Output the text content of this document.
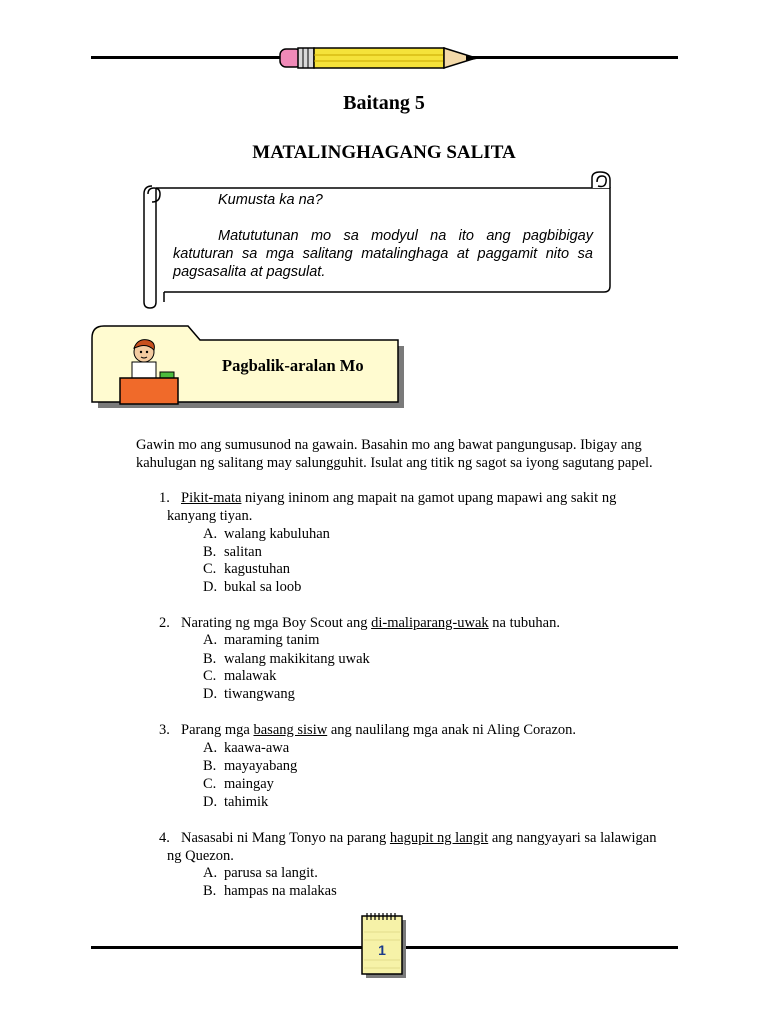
Baitang 5
MATALINGHAGANG SALITA
Kumusta ka na?
Matututunan mo sa modyul na ito ang pagbibigay
katuturan sa mga salitang matalinghaga at paggamit nito sa
pagsasalita at pagsulat.
Pagbalik-aralan Mo
Gawin mo ang sumusunod na gawain. Basahin mo ang bawat pangungusap. Ibigay ang
kahulugan ng salitang may salungguhit. Isulat ang titik ng sagot sa iyong sagutang papel.
1. Pikit-mata niyang ininom ang mapait na gamot upang mapawi ang sakit ng
kanyang tiyan.
A. walang kabuluhan
B. salitan
C. kagustuhan
D. bukal sa loob
2. Narating ng mga Boy Scout ang di-maliparang-uwak na tubuhan.
A. maraming tanim
B. walang makikitang uwak
C. malawak
D. tiwangwang
3. Parang mga basang sisiw ang naulilang mga anak ni Aling Corazon.
A. kaawa-awa
B. mayayabang
C. maingay
D. tahimik
4. Nasasabi ni Mang Tonyo na parang hagupit ng langit ang nangyayari sa lalawigan
ng Quezon.
A. parusa sa langit.
B. hampas na malakas
1
